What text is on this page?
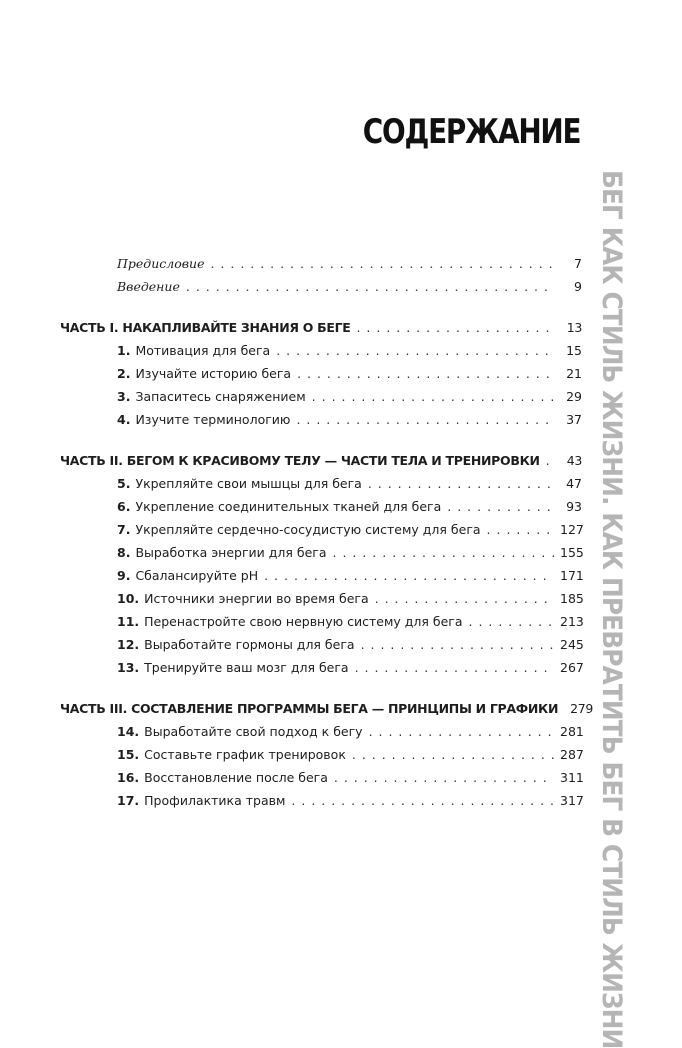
СОДЕРЖАНИЕ
БЕГ КАК СТИЛЬ ЖИЗНИ. КАК ПРЕВРАТИТЬ БЕГ В СТИЛЬ ЖИЗНИ
Предисловие . . .	7
Введение . . .	9
ЧАСТЬ I. НАКАПЛИВАЙТЕ ЗНАНИЯ О БЕГЕ . . .	13
1. Мотивация для бега . . .	15
2. Изучайте историю бега . . .	21
3. Запаситесь снаряжением . . .	29
4. Изучите терминологию . . .	37
ЧАСТЬ II. БЕГОМ К КРАСИВОМУ ТЕЛУ — ЧАСТИ ТЕЛА И ТРЕНИРОВКИ . . .	43
5. Укрепляйте свои мышцы для бега . . .	47
6. Укрепление соединительных тканей для бега . . .	93
7. Укрепляйте сердечно-сосудистую систему для бега . . .	127
8. Выработка энергии для бега . . .	155
9. Сбалансируйте pH . . .	171
10. Источники энергии во время бега . . .	185
11. Перенастройте свою нервную систему для бега . . .	213
12. Выработайте гормоны для бега . . .	245
13. Тренируйте ваш мозг для бега . . .	267
ЧАСТЬ III. СОСТАВЛЕНИЕ ПРОГРАММЫ БЕГА — ПРИНЦИПЫ И ГРАФИКИ 279
14. Выработайте свой подход к бегу . . .	281
15. Составьте график тренировок . . .	287
16. Восстановление после бега . . .	311
17. Профилактика травм . . .	317
